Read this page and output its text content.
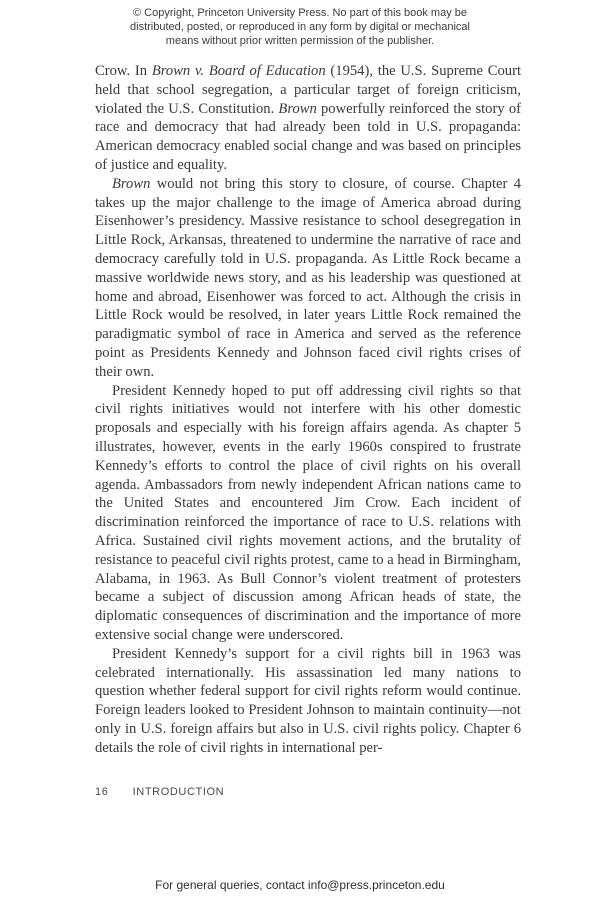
© Copyright, Princeton University Press. No part of this book may be
distributed, posted, or reproduced in any form by digital or mechanical
means without prior written permission of the publisher.

Crow. In Brown v. Board of Education (1954), the U.S. Supreme Court held that school segregation, a particular target of foreign criticism, violated the U.S. Constitution. Brown powerfully reinforced the story of race and democracy that had already been told in U.S. propaganda: American democracy enabled social change and was based on principles of justice and equality.

Brown would not bring this story to closure, of course. Chapter 4 takes up the major challenge to the image of America abroad during Eisenhower’s presidency. Massive resistance to school desegregation in Little Rock, Arkansas, threatened to undermine the narrative of race and democracy carefully told in U.S. propaganda. As Little Rock became a massive worldwide news story, and as his leadership was questioned at home and abroad, Eisenhower was forced to act. Although the crisis in Little Rock would be resolved, in later years Little Rock remained the paradigmatic symbol of race in America and served as the reference point as Presidents Kennedy and Johnson faced civil rights crises of their own.

President Kennedy hoped to put off addressing civil rights so that civil rights initiatives would not interfere with his other domestic proposals and especially with his foreign affairs agenda. As chapter 5 illustrates, however, events in the early 1960s conspired to frustrate Kennedy’s efforts to control the place of civil rights on his overall agenda. Ambassadors from newly independent African nations came to the United States and encountered Jim Crow. Each incident of discrimination reinforced the importance of race to U.S. relations with Africa. Sustained civil rights movement actions, and the brutality of resistance to peaceful civil rights protest, came to a head in Birmingham, Alabama, in 1963. As Bull Connor’s violent treatment of protesters became a subject of discussion among African heads of state, the diplomatic consequences of discrimination and the importance of more extensive social change were underscored.

President Kennedy’s support for a civil rights bill in 1963 was celebrated internationally. His assassination led many nations to question whether federal support for civil rights reform would continue. Foreign leaders looked to President Johnson to maintain continuity—not only in U.S. foreign affairs but also in U.S. civil rights policy. Chapter 6 details the role of civil rights in international per-

16 INTRODUCTION
For general queries, contact info@press.princeton.edu
